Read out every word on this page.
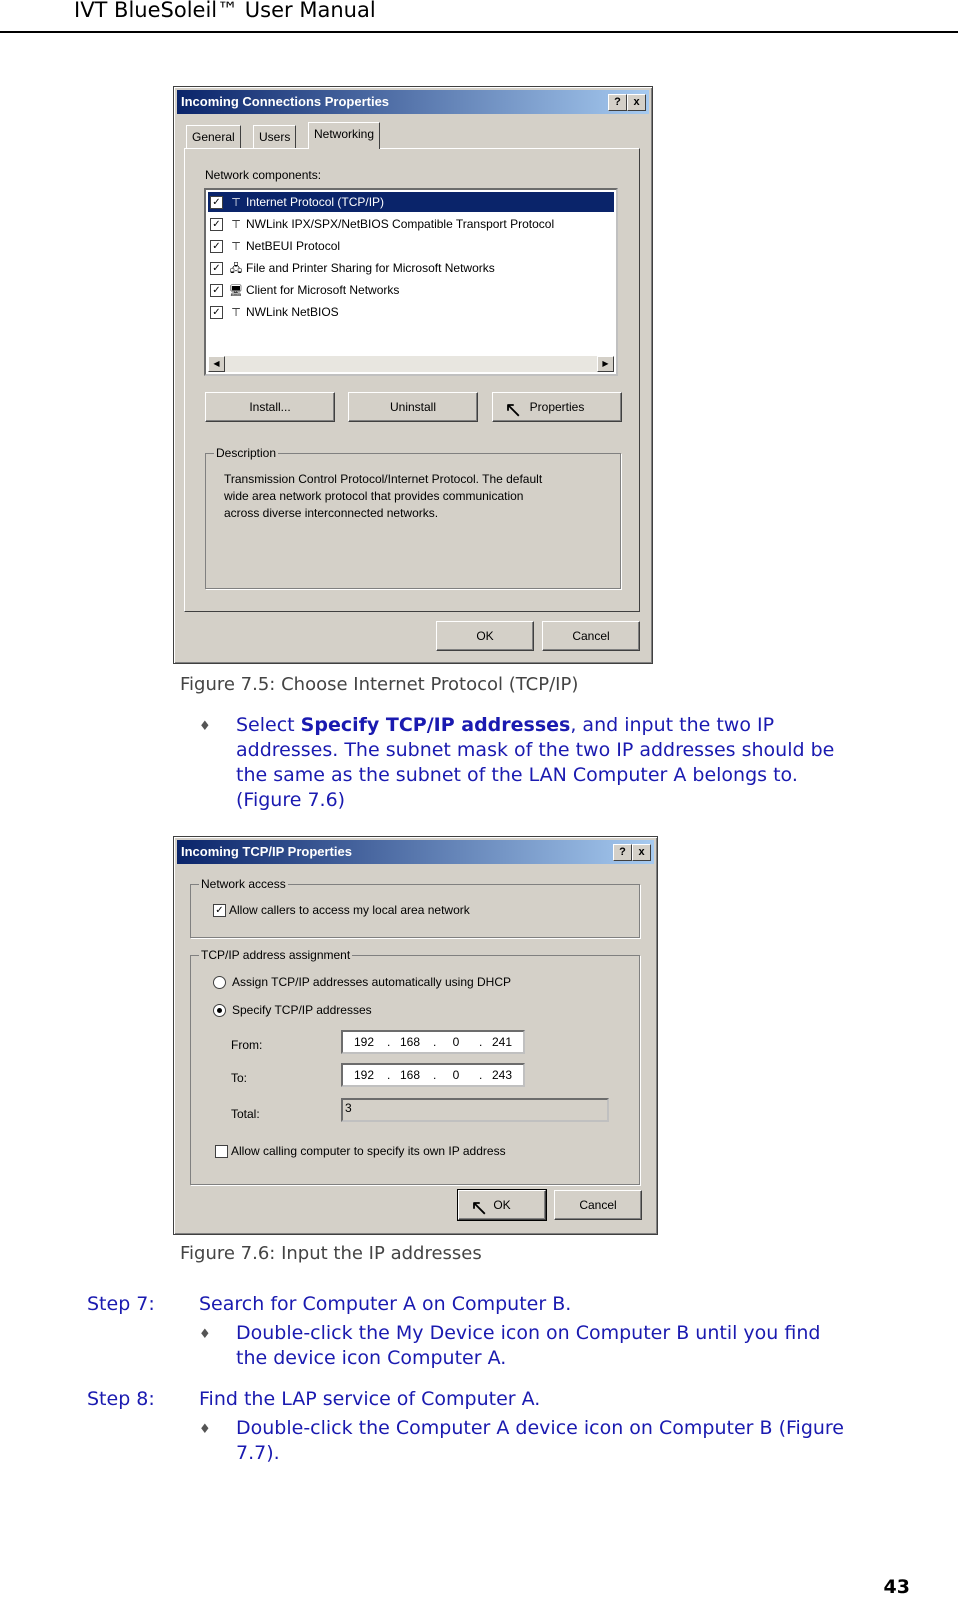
IVT BlueSoleil™ User Manual
Incoming Connections Properties	?	x
General	Users	Networking
Network components:
✓ ⊤ Internet Protocol (TCP/IP)
✓ ⊤ NWLink IPX/SPX/NetBIOS Compatible Transport Protocol
✓ ⊤ NetBEUI Protocol
✓ 🖧 File and Printer Sharing for Microsoft Networks
✓ 🖥 Client for Microsoft Networks
✓ ⊤ NWLink NetBIOS
◀	▶
Install...	Uninstall	Properties
↖
Description
Transmission Control Protocol/Internet Protocol. The default
wide area network protocol that provides communication
across diverse interconnected networks.
OK	Cancel
Figure 7.5: Choose Internet Protocol (TCP/IP)
♦ Select Specify TCP/IP addresses, and input the two IP
addresses. The subnet mask of the two IP addresses should be
the same as the subnet of the LAN Computer A belongs to.
(Figure 7.6)
Incoming TCP/IP Properties	?	x
Network access
✓ Allow callers to access my local area network
TCP/IP address assignment
Assign TCP/IP addresses automatically using DHCP
Specify TCP/IP addresses
From:	192	. 168	.	0	. 241
To:	192	. 168	.	0	. 243
Total:	3
Allow calling computer to specify its own IP address
OK
↖	Cancel
Figure 7.6: Input the IP addresses
Step 7: Search for Computer A on Computer B.
♦ Double-click the My Device icon on Computer B until you find
the device icon Computer A.
Step 8: Find the LAP service of Computer A.
♦ Double-click the Computer A device icon on Computer B (Figure
7.7).
43
